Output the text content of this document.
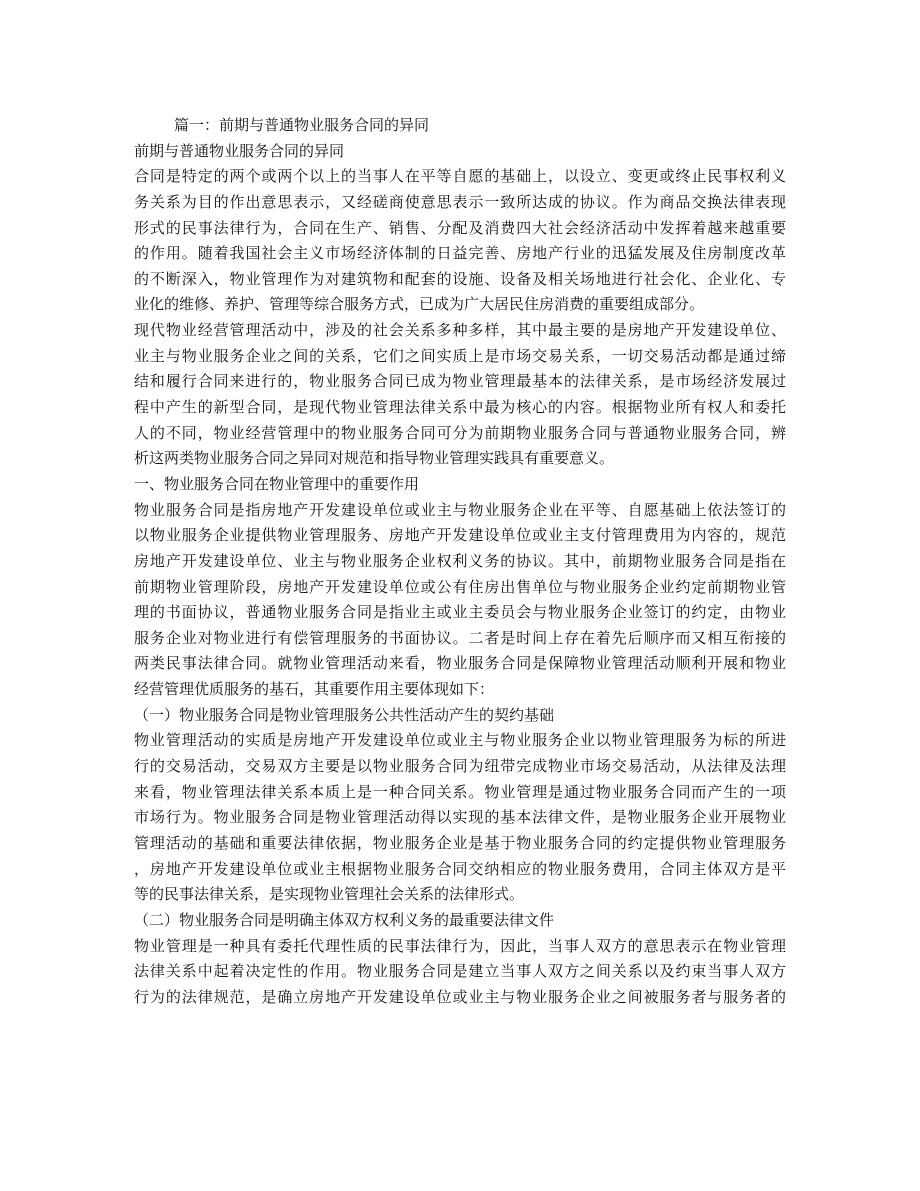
篇一：前期与普通物业服务合同的异同
前期与普通物业服务合同的异同
合同是特定的两个或两个以上的当事人在平等自愿的基础上，以设立、变更或终止民事权利义
务关系为目的作出意思表示，又经磋商使意思表示一致所达成的协议。作为商品交换法律表现
形式的民事法律行为，合同在生产、销售、分配及消费四大社会经济活动中发挥着越来越重要
的作用。随着我国社会主义市场经济体制的日益完善、房地产行业的迅猛发展及住房制度改革
的不断深入，物业管理作为对建筑物和配套的设施、设备及相关场地进行社会化、企业化、专
业化的维修、养护、管理等综合服务方式，已成为广大居民住房消费的重要组成部分。
现代物业经营管理活动中，涉及的社会关系多种多样，其中最主要的是房地产开发建设单位、
业主与物业服务企业之间的关系，它们之间实质上是市场交易关系，一切交易活动都是通过缔
结和履行合同来进行的，物业服务合同已成为物业管理最基本的法律关系，是市场经济发展过
程中产生的新型合同，是现代物业管理法律关系中最为核心的内容。根据物业所有权人和委托
人的不同，物业经营管理中的物业服务合同可分为前期物业服务合同与普通物业服务合同，辨
析这两类物业服务合同之异同对规范和指导物业管理实践具有重要意义。
一、物业服务合同在物业管理中的重要作用
物业服务合同是指房地产开发建设单位或业主与物业服务企业在平等、自愿基础上依法签订的
以物业服务企业提供物业管理服务、房地产开发建设单位或业主支付管理费用为内容的，规范
房地产开发建设单位、业主与物业服务企业权利义务的协议。其中，前期物业服务合同是指在
前期物业管理阶段，房地产开发建设单位或公有住房出售单位与物业服务企业约定前期物业管
理的书面协议，普通物业服务合同是指业主或业主委员会与物业服务企业签订的约定，由物业
服务企业对物业进行有偿管理服务的书面协议。二者是时间上存在着先后顺序而又相互衔接的
两类民事法律合同。就物业管理活动来看，物业服务合同是保障物业管理活动顺利开展和物业
经营管理优质服务的基石，其重要作用主要体现如下：
（一）物业服务合同是物业管理服务公共性活动产生的契约基础
物业管理活动的实质是房地产开发建设单位或业主与物业服务企业以物业管理服务为标的所进
行的交易活动，交易双方主要是以物业服务合同为纽带完成物业市场交易活动，从法律及法理
来看，物业管理法律关系本质上是一种合同关系。物业管理是通过物业服务合同而产生的一项
市场行为。物业服务合同是物业管理活动得以实现的基本法律文件，是物业服务企业开展物业
管理活动的基础和重要法律依据，物业服务企业是基于物业服务合同的约定提供物业管理服务
，房地产开发建设单位或业主根据物业服务合同交纳相应的物业服务费用，合同主体双方是平
等的民事法律关系，是实现物业管理社会关系的法律形式。
（二）物业服务合同是明确主体双方权利义务的最重要法律文件
物业管理是一种具有委托代理性质的民事法律行为，因此，当事人双方的意思表示在物业管理
法律关系中起着决定性的作用。物业服务合同是建立当事人双方之间关系以及约束当事人双方
行为的法律规范，是确立房地产开发建设单位或业主与物业服务企业之间被服务者与服务者的
